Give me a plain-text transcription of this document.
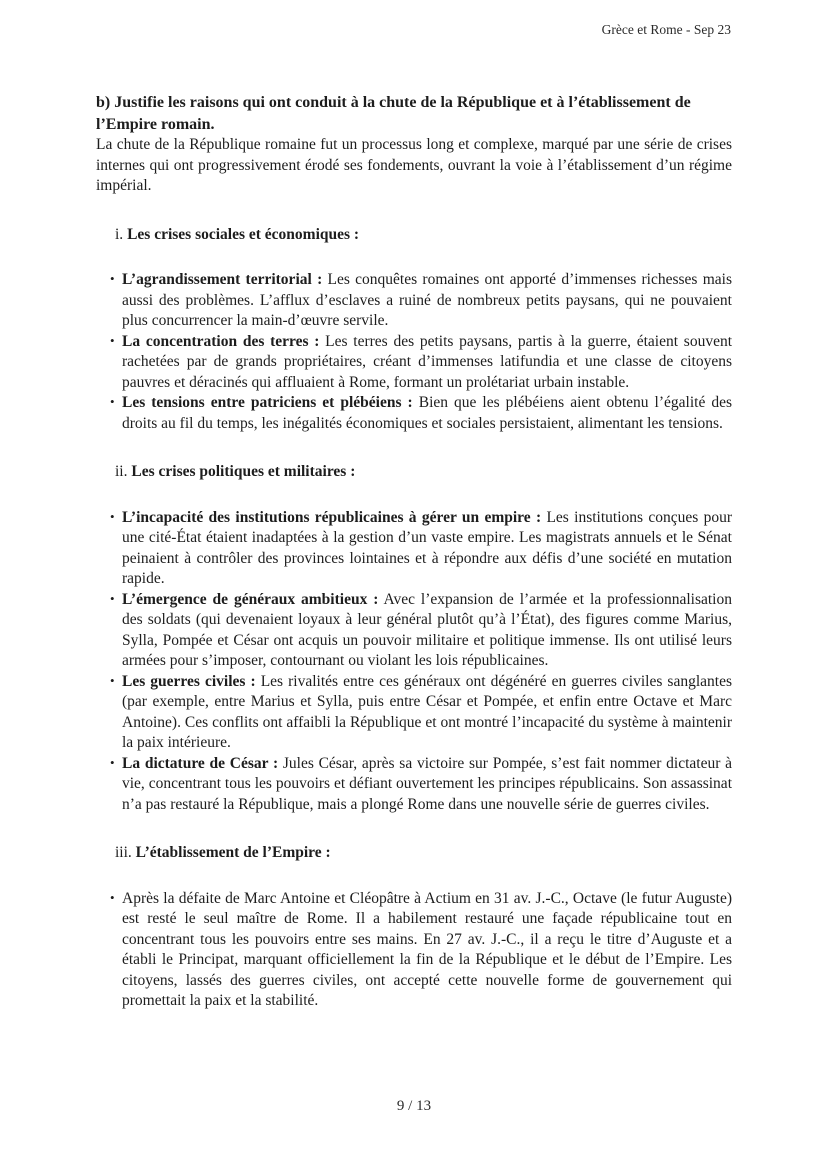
Grèce et Rome - Sep 23

b) Justifie les raisons qui ont conduit à la chute de la République et à l’établissement de l’Empire romain.

La chute de la République romaine fut un processus long et complexe, marqué par une série de crises internes qui ont progressivement érodé ses fondements, ouvrant la voie à l’établissement d’un régime impérial.

i. Les crises sociales et économiques :

• L’agrandissement territorial : Les conquêtes romaines ont apporté d’immenses richesses mais aussi des problèmes. L’afflux d’esclaves a ruiné de nombreux petits paysans, qui ne pouvaient plus concurrencer la main-d’œuvre servile.
• La concentration des terres : Les terres des petits paysans, partis à la guerre, étaient souvent rachetées par de grands propriétaires, créant d’immenses latifundia et une classe de citoyens pauvres et déracinés qui affluaient à Rome, formant un prolétariat urbain instable.
• Les tensions entre patriciens et plébéiens : Bien que les plébéiens aient obtenu l’égalité des droits au fil du temps, les inégalités économiques et sociales persistaient, alimentant les tensions.

ii. Les crises politiques et militaires :

• L’incapacité des institutions républicaines à gérer un empire : Les institutions conçues pour une cité-État étaient inadaptées à la gestion d’un vaste empire. Les magistrats annuels et le Sénat peinaient à contrôler des provinces lointaines et à répondre aux défis d’une société en mutation rapide.
• L’émergence de généraux ambitieux : Avec l’expansion de l’armée et la professionnalisation des soldats (qui devenaient loyaux à leur général plutôt qu’à l’État), des figures comme Marius, Sylla, Pompée et César ont acquis un pouvoir militaire et politique immense. Ils ont utilisé leurs armées pour s’imposer, contournant ou violant les lois républicaines.
• Les guerres civiles : Les rivalités entre ces généraux ont dégénéré en guerres civiles sanglantes (par exemple, entre Marius et Sylla, puis entre César et Pompée, et enfin entre Octave et Marc Antoine). Ces conflits ont affaibli la République et ont montré l’incapacité du système à maintenir la paix intérieure.
• La dictature de César : Jules César, après sa victoire sur Pompée, s’est fait nommer dictateur à vie, concentrant tous les pouvoirs et défiant ouvertement les principes républicains. Son assassinat n’a pas restauré la République, mais a plongé Rome dans une nouvelle série de guerres civiles.

iii. L’établissement de l’Empire :

• Après la défaite de Marc Antoine et Cléopâtre à Actium en 31 av. J.-C., Octave (le futur Auguste) est resté le seul maître de Rome. Il a habilement restauré une façade républicaine tout en concentrant tous les pouvoirs entre ses mains. En 27 av. J.-C., il a reçu le titre d’Auguste et a établi le Principat, marquant officiellement la fin de la République et le début de l’Empire. Les citoyens, lassés des guerres civiles, ont accepté cette nouvelle forme de gouvernement qui promettait la paix et la stabilité.
9 / 13
